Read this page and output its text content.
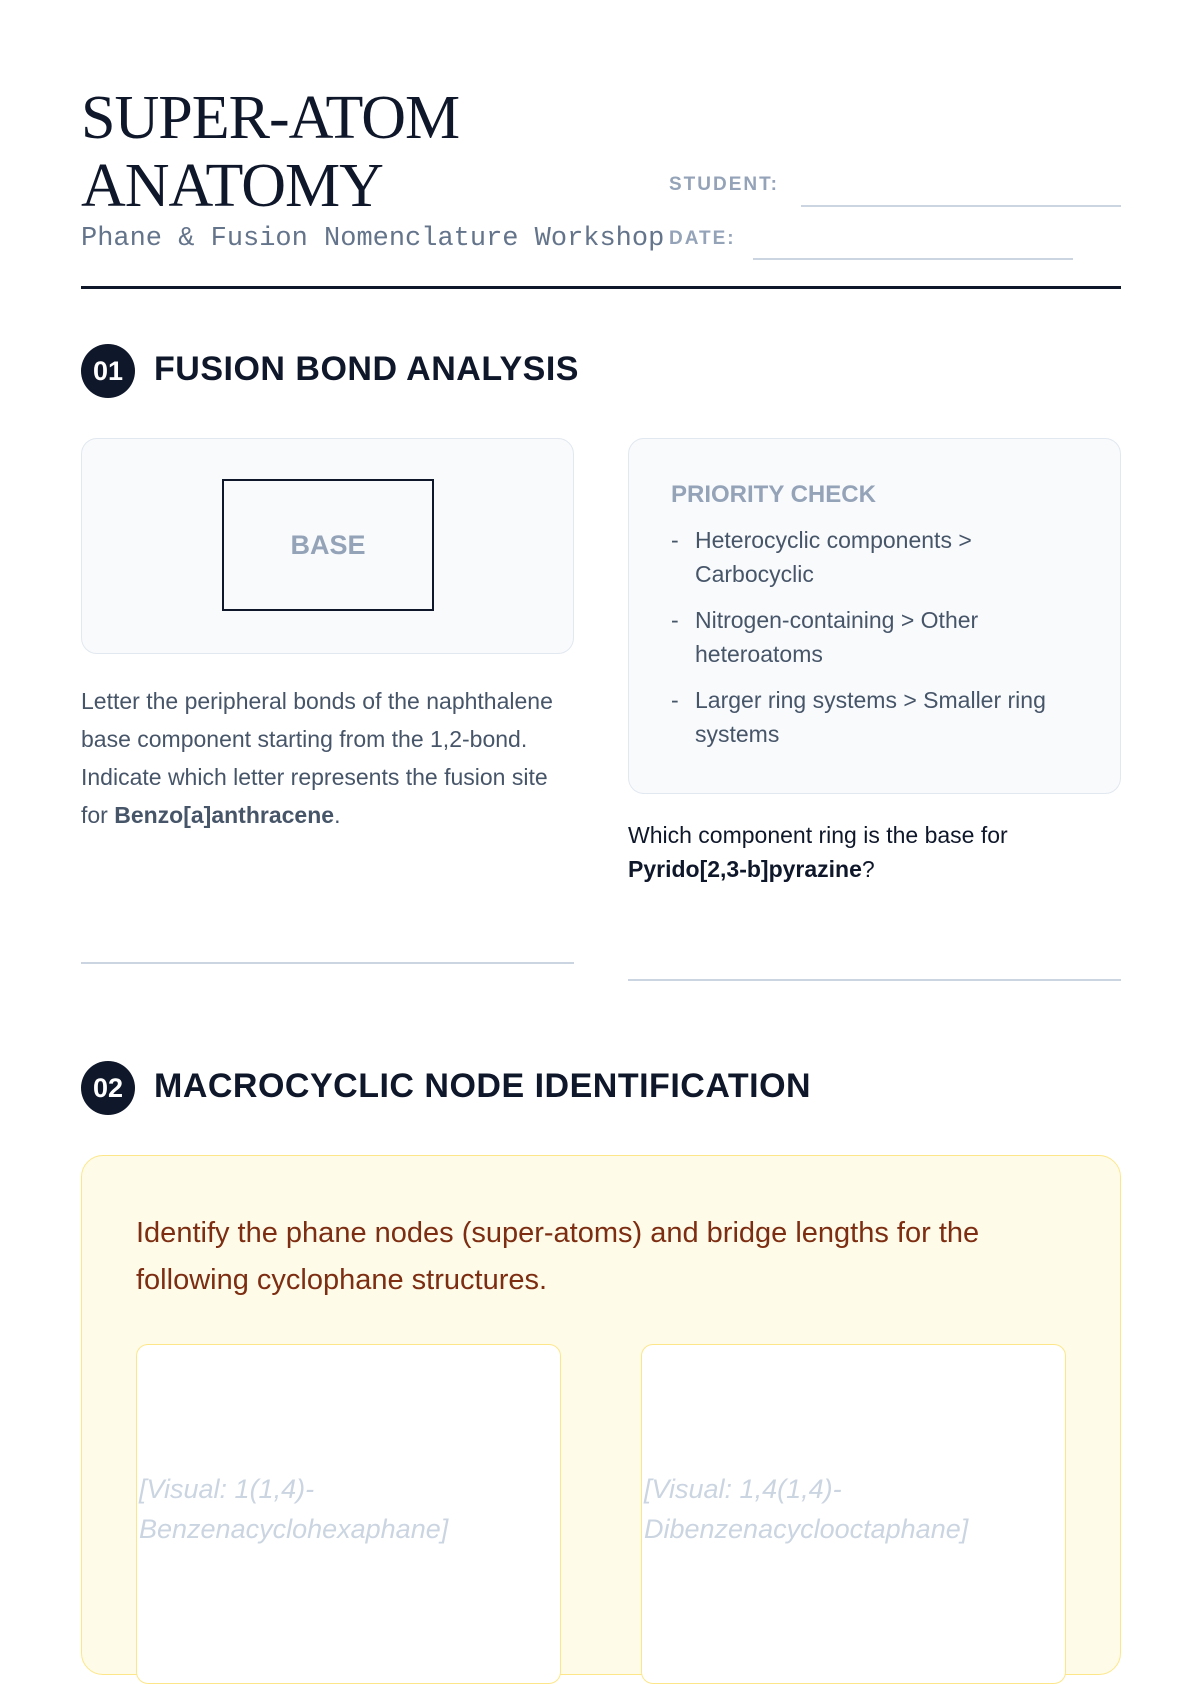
SUPER-ATOM
ANATOMY
Phane & Fusion Nomenclature Workshop
STUDENT:
DATE:
01 FUSION BOND ANALYSIS
BASE
Letter the peripheral bonds of the naphthalene base component starting from the 1,2-bond. Indicate which letter represents the fusion site for Benzo[a]anthracene.
PRIORITY CHECK
- Heterocyclic components > Carbocyclic
- Nitrogen-containing > Other heteroatoms
- Larger ring systems > Smaller ring systems
Which component ring is the base for Pyrido[2,3-b]pyrazine?
02 MACROCYCLIC NODE IDENTIFICATION
Identify the phane nodes (super-atoms) and bridge lengths for the following cyclophane structures.
[Visual: 1(1,4)-Benzenacyclohexaphane]
[Visual: 1,4(1,4)-Dibenzenacyclooctaphane]
